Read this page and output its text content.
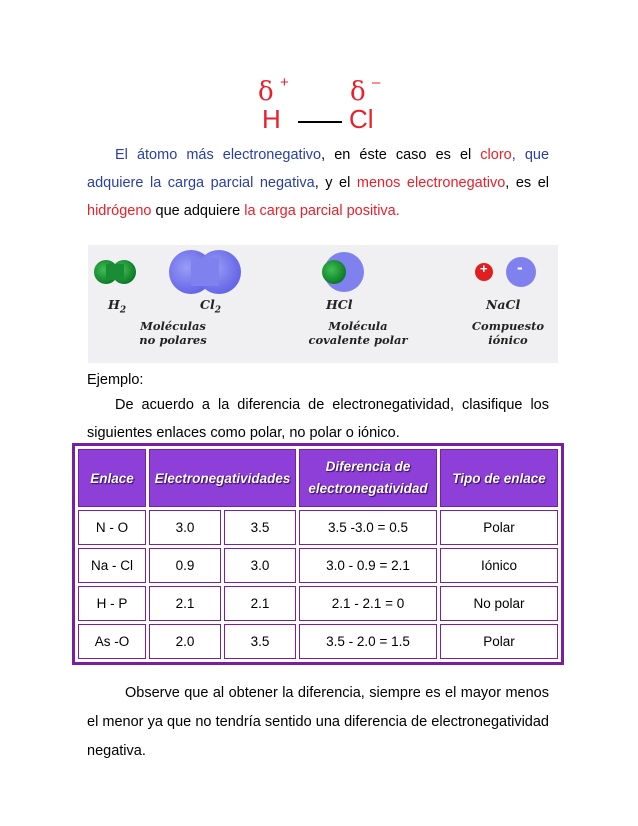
δ + δ –
H	Cl

El átomo más electronegativo, en éste caso es el cloro, que adquiere la carga parcial negativa, y el menos electronegativo, es el hidrógeno que adquiere la carga parcial positiva.

+ -
$H_2$	$Cl_2$	HCl	NaCl
Moléculas
no polares
Molécula
covalente polar
Compuesto
iónico

Ejemplo:

De acuerdo a la diferencia de electronegatividad, clasifique los siguientes enlaces como polar, no polar o iónico.

Enlace	Electronegatividades		Diferencia de electronegatividad	Tipo de enlace
N - O	3.0	3.5	3.5 -3.0 = 0.5	Polar
Na - Cl	0.9	3.0	3.0 - 0.9 = 2.1	Iónico
H - P	2.1	2.1	2.1 - 2.1 = 0	No polar
As -O	2.0	3.5	3.5 - 2.0 = 1.5	Polar

Observe que al obtener la diferencia, siempre es el mayor menos el menor ya que no tendría sentido una diferencia de electronegatividad negativa.
